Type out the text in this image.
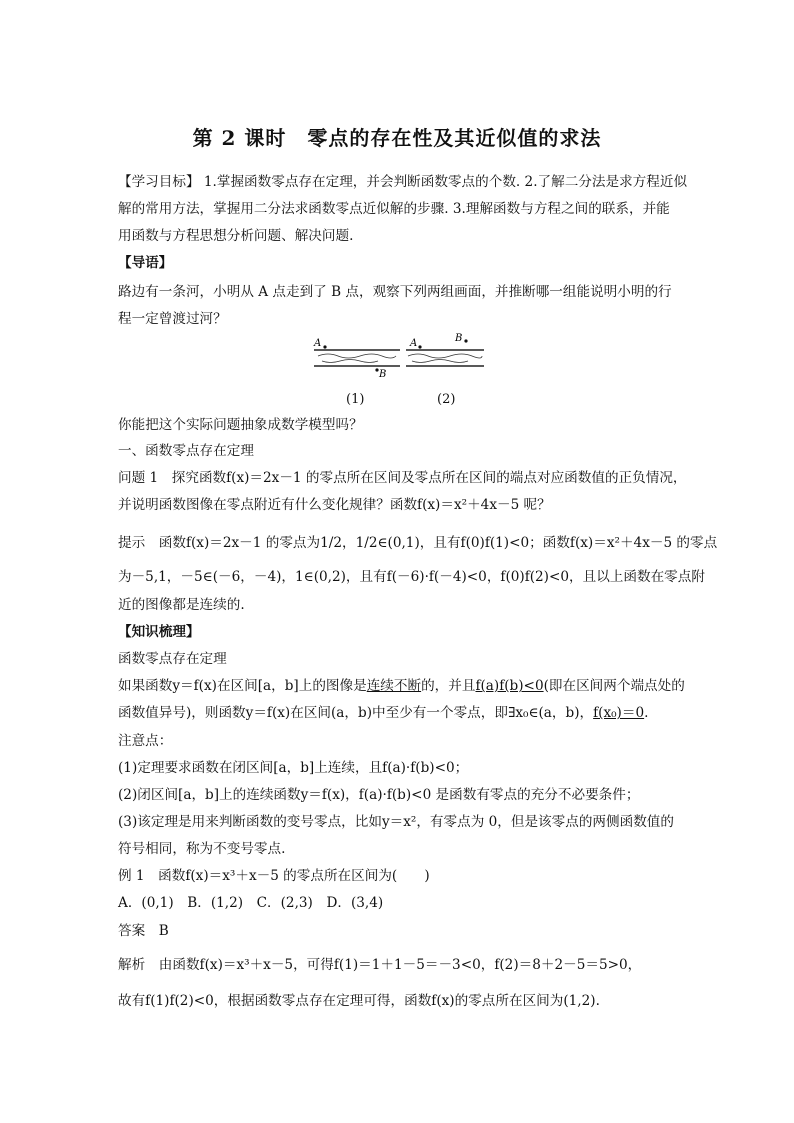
第 2 课时　零点的存在性及其近似值的求法
【学习目标】 1.掌握函数零点存在定理，并会判断函数零点的个数. 2.了解二分法是求方程近似
解的常用方法，掌握用二分法求函数零点近似解的步骤. 3.理解函数与方程之间的联系，并能
用函数与方程思想分析问题、解决问题.
【导语】
路边有一条河，小明从 A 点走到了 B 点，观察下列两组画面，并推断哪一组能说明小明的行
程一定曾渡过河？
A
B
A	B
(1)	(2)
你能把这个实际问题抽象成数学模型吗？
一、函数零点存在定理
问题 1　探究函数f(x)＝2x－1 的零点所在区间及零点所在区间的端点对应函数值的正负情况，
并说明函数图像在零点附近有什么变化规律？函数f(x)＝x²＋4x－5 呢？
提示　函数f(x)＝2x－1 的零点为1/2，1/2∈(0,1)，且有f(0)f(1)<0；函数f(x)＝x²＋4x－5 的零点
为－5,1，－5∈(－6，－4)，1∈(0,2)，且有f(－6)·f(－4)<0，f(0)f(2)<0，且以上函数在零点附
近的图像都是连续的.
【知识梳理】
函数零点存在定理
如果函数y＝f(x)在区间[a，b]上的图像是连续不断的，并且f(a)f(b)<0(即在区间两个端点处的
函数值异号)，则函数y＝f(x)在区间(a，b)中至少有一个零点，即∃x₀∈(a，b)，f(x₀)＝0.
注意点：
(1)定理要求函数在闭区间[a，b]上连续，且f(a)·f(b)<0；
(2)闭区间[a，b]上的连续函数y＝f(x)，f(a)·f(b)<0 是函数有零点的充分不必要条件；
(3)该定理是用来判断函数的变号零点，比如y＝x²，有零点为 0，但是该零点的两侧函数值的
符号相同，称为不变号零点.
例 1　函数f(x)＝x³＋x－5 的零点所在区间为(　　)
A．(0,1)　B．(1,2)　C．(2,3)　D．(3,4)
答案　B
解析　由函数f(x)＝x³＋x－5，可得f(1)＝1＋1－5＝－3<0，f(2)＝8＋2－5＝5>0，
故有f(1)f(2)<0，根据函数零点存在定理可得，函数f(x)的零点所在区间为(1,2).
